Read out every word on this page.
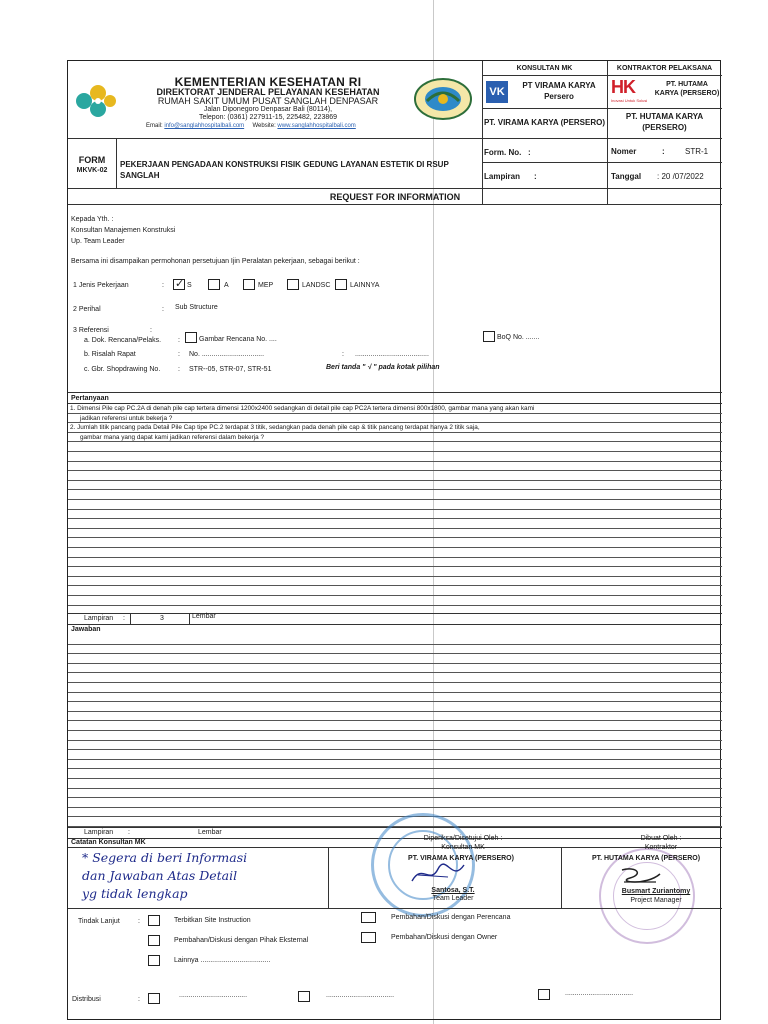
KEMENTERIAN KESEHATAN RI
DIREKTORAT JENDERAL PELAYANAN KESEHATAN
RUMAH SAKIT UMUM PUSAT SANGLAH DENPASAR
Jalan Diponegoro Denpasar Bali (80114),
Telepon: (0361) 227911-15, 225482, 223869
Email: info@sanglahhospitalbali.com Website: www.sanglahhospitalbali.com
KONSULTAN MK
VK
PT VIRAMA KARYA
Persero
PT. VIRAMA KARYA (PERSERO)
KONTRAKTOR PELAKSANA
HK
Inovasi Untuk Solusi
PT. HUTAMA
KARYA (PERSERO)
PT. HUTAMA KARYA
(PERSERO)
FORM
MKVK-02
PEKERJAAN PENGADAAN KONSTRUKSI FISIK GEDUNG LAYANAN ESTETIK DI RSUP SANGLAH
Form. No. :
Lampiran :
Nomer	:	STR-1
Tanggal : 20 /07/2022
REQUEST FOR INFORMATION
Kepada Yth. :
Konsultan Manajemen Konstruksi
Up. Team Leader
Bersama ini disampaikan permohonan persetujuan Ijin Peralatan pekerjaan, sebagai berikut :
1 Jenis Pekerjaan	: ✓ S	A	MEP	LANDSC	LAINNYA
2 Perihal	: Sub Structure
3 Referensi	:
a. Dok. Rencana/Pelaks. :	Gambar Rencana No. ....	BoQ No. .......
b. Risalah Rapat	: No. ................................	: ......................................
c. Gbr. Shopdrawing No.	: STR--05, STR-07, STR-51	Beri tanda " √ " pada kotak pilihan
Pertanyaan
1. Dimensi Pile cap PC.2A di denah pile cap tertera dimensi 1200x2400 sedangkan di detail pile cap PC2A tertera dimensi 800x1800, gambar mana yang akan kami
jadikan referensi untuk bekerja ?
2. Jumlah titik pancang pada Detail Pile Cap tipe PC.2 terdapat 3 titik, sedangkan pada denah pile cap & titik pancang terdapat hanya 2 titik saja,
gambar mana yang dapat kami jadikan referensi dalam bekerja ?
Lampiran :	3	Lembar
Jawaban
Lampiran :	Lembar
Catatan Konsultan MK
* Segera di beri Informasi
dan Jawaban Atas Detail
yg tidak lengkap
Diperiksa/Disetujui Oleh :
Konsultan MK
PT. VIRAMA KARYA (PERSERO)
Santosa, S.T.
Team Leader
Dibuat Oleh :
Kontraktor
PT. HUTAMA KARYA (PERSERO)
Busmart Zuriantomy
Project Manager
Tindak Lanjut	:	Terbitkan Site Instruction	Pembahan/Diskusi dengan Perencana
Pembahan/Diskusi dengan Pihak Eksternal	Pembahan/Diskusi dengan Owner
Lainnya ....................................
Distribusi	:
...................................	...................................	...................................
